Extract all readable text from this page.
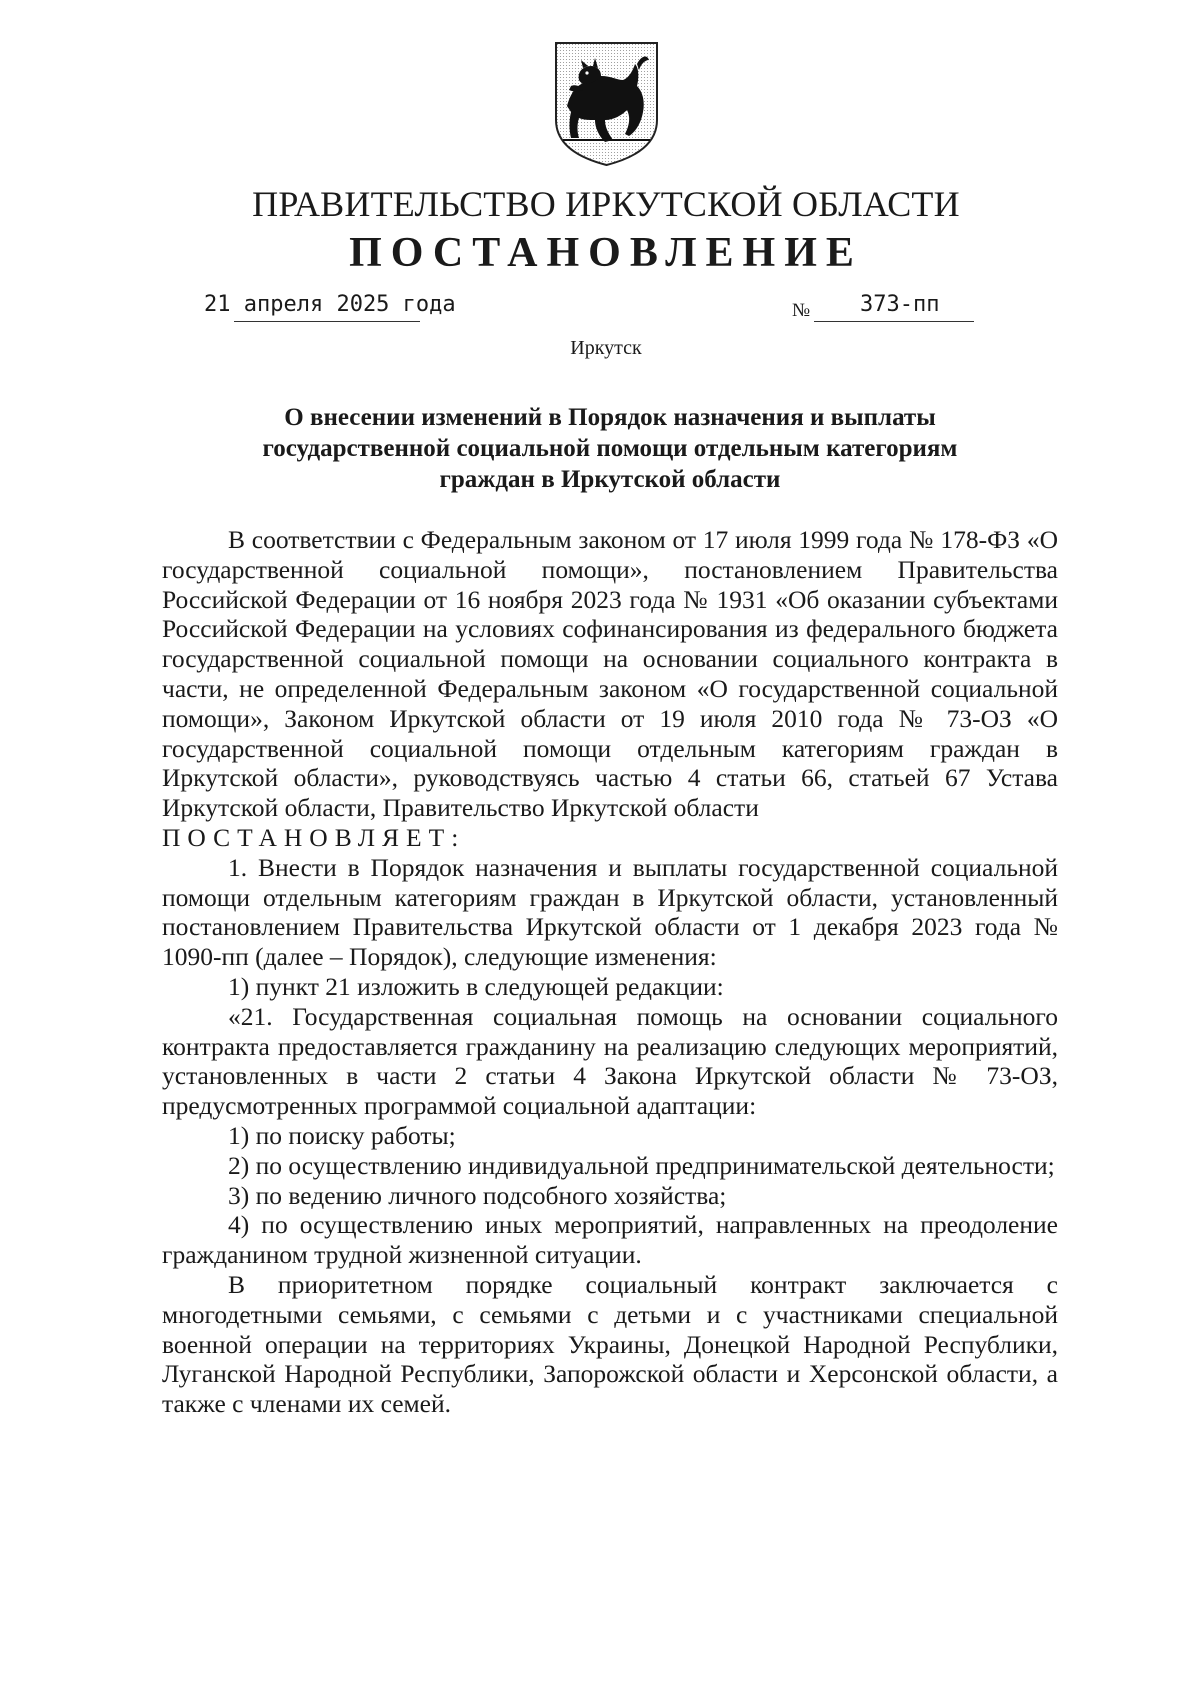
ПРАВИТЕЛЬСТВО ИРКУТСКОЙ ОБЛАСТИ
ПОСТАНОВЛЕНИЕ
21 апреля 2025 года	№ 373-пп
Иркутск
О внесении изменений в Порядок назначения и выплаты
государственной социальной помощи отдельным категориям
граждан в Иркутской области

В соответствии с Федеральным законом от 17 июля 1999 года № 178-ФЗ «О государственной социальной помощи», постановлением Правительства Российской Федерации от 16 ноября 2023 года № 1931 «Об оказании субъектами Российской Федерации на условиях софинансирования из федерального бюджета государственной социальной помощи на основании социального контракта в части, не определенной Федеральным законом «О государственной социальной помощи», Законом Иркутской области от 19 июля 2010 года № 73-ОЗ «О государственной социальной помощи отдельным категориям граждан в Иркутской области», руководствуясь частью 4 статьи 66, статьей 67 Устава Иркутской области, Правительство Иркутской области

ПОСТАНОВЛЯЕТ:

1. Внести в Порядок назначения и выплаты государственной социальной помощи отдельным категориям граждан в Иркутской области, установленный постановлением Правительства Иркутской области от 1 декабря 2023 года № 1090-пп (далее – Порядок), следующие изменения:

1) пункт 21 изложить в следующей редакции:

«21. Государственная социальная помощь на основании социального контракта предоставляется гражданину на реализацию следующих мероприятий, установленных в части 2 статьи 4 Закона Иркутской области № 73-ОЗ, предусмотренных программой социальной адаптации:

1) по поиску работы;

2) по осуществлению индивидуальной предпринимательской деятельности;

3) по ведению личного подсобного хозяйства;

4) по осуществлению иных мероприятий, направленных на преодоление гражданином трудной жизненной ситуации.

В приоритетном порядке социальный контракт заключается с многодетными семьями, с семьями с детьми и с участниками специальной военной операции на территориях Украины, Донецкой Народной Республики, Луганской Народной Республики, Запорожской области и Херсонской области, а также с членами их семей.
